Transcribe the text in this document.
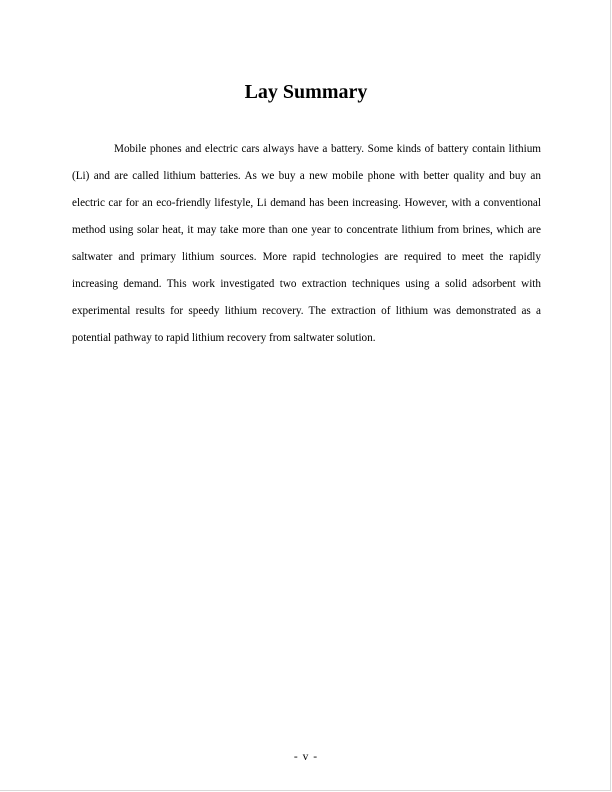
Lay Summary

Mobile phones and electric cars always have a battery. Some kinds of battery contain lithium (Li) and are called lithium batteries. As we buy a new mobile phone with better quality and buy an electric car for an eco-friendly lifestyle, Li demand has been increasing. However, with a conventional method using solar heat, it may take more than one year to concentrate lithium from brines, which are saltwater and primary lithium sources. More rapid technologies are required to meet the rapidly increasing demand. This work investigated two extraction techniques using a solid adsorbent with experimental results for speedy lithium recovery. The extraction of lithium was demonstrated as a potential pathway to rapid lithium recovery from saltwater solution.

- v -
